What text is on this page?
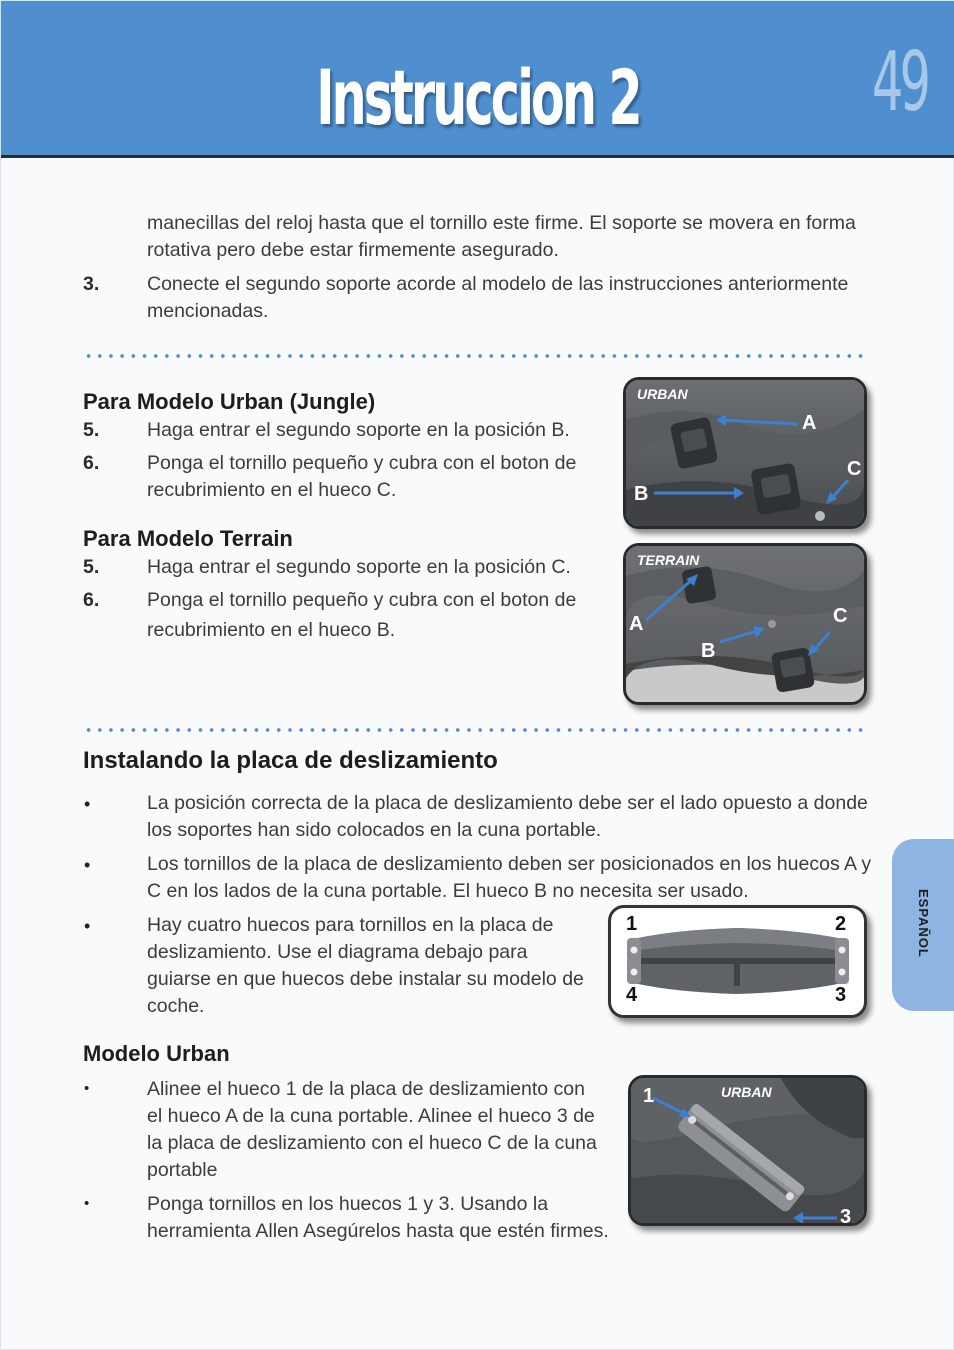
Instruccion 2	49
manecillas del reloj hasta que el tornillo este firme. El soporte se movera en forma
rotativa pero debe estar firmemente asegurado.
3. Conecte el segundo soporte acorde al modelo de las instrucciones anteriormente
mencionadas.
Para Modelo Urban (Jungle)
5. Haga entrar el segundo soporte en la posición B.
6. Ponga el tornillo pequeño y cubra con el boton de
recubrimiento en el hueco C.
Para Modelo Terrain
5. Haga entrar el segundo soporte en la posición C.
6. Ponga el tornillo pequeño y cubra con el boton de
recubrimiento en el hueco B.
URBAN
A
B
C
TERRAIN
A
B
C
Instalando la placa de deslizamiento
•	La posición correcta de la placa de deslizamiento debe ser el lado opuesto a donde
los soportes han sido colocados en la cuna portable.
•	Los tornillos de la placa de deslizamiento deben ser posicionados en los huecos A y
C en los lados de la cuna portable. El hueco B no necesita ser usado.
•	Hay cuatro huecos para tornillos en la placa de
deslizamiento. Use el diagrama debajo para
guiarse en que huecos debe instalar su modelo de
coche.
1	2
3
4
Modelo Urban
•	Alinee el hueco 1 de la placa de deslizamiento con
el hueco A de la cuna portable. Alinee el hueco 3 de
la placa de deslizamiento con el hueco C de la cuna
portable
•	Ponga tornillos en los huecos 1 y 3. Usando la
herramienta Allen Asegúrelos hasta que estén firmes.
URBAN
1
3
ESPAÑOL
